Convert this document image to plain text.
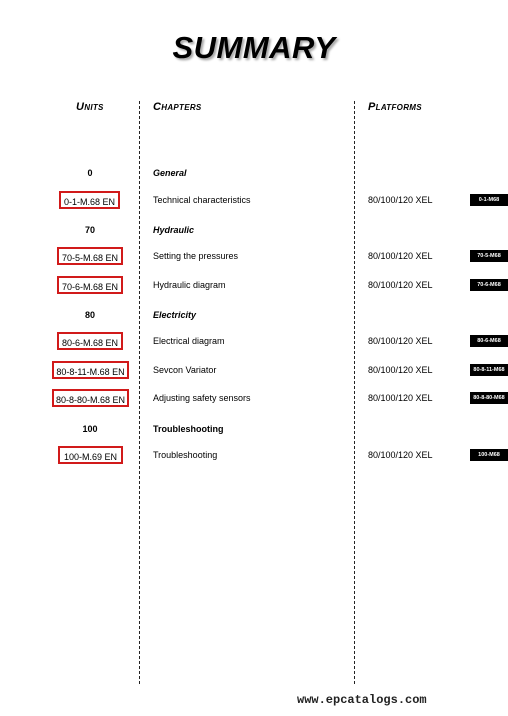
SUMMARY
Units	Chapters	Platforms
0	General
0-1-M.68 EN	Technical characteristics	80/100/120 XEL	0-1-M68
70	Hydraulic
70-5-M.68 EN	Setting the pressures	80/100/120 XEL	70-5-M68
70-6-M.68 EN	Hydraulic diagram	80/100/120 XEL	70-6-M68
80	Electricity
80-6-M.68 EN	Electrical diagram	80/100/120 XEL	80-6-M68
80-8-11-M.68 EN	Sevcon Variator	80/100/120 XEL	80-8-11-M68
80-8-80-M.68 EN	Adjusting safety sensors	80/100/120 XEL	80-8-80-M68
100	Troubleshooting
100-M.69 EN	Troubleshooting	80/100/120 XEL	100-M68
www.epcatalogs.com
